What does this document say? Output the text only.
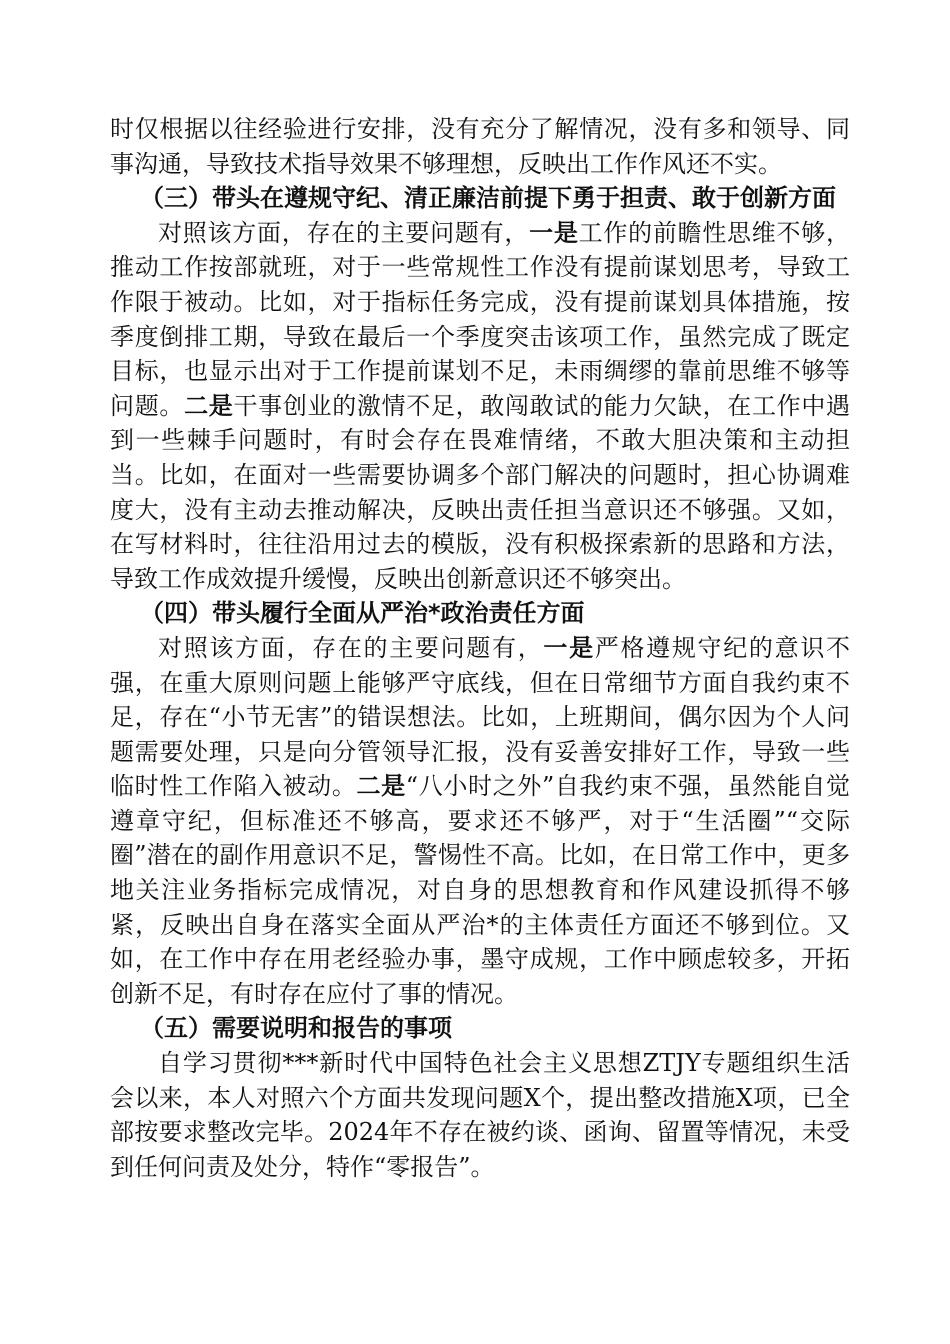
时仅根据以往经验进行安排，没有充分了解情况，没有多和领导、同事沟通，导致技术指导效果不够理想，反映出工作作风还不实。

（三）带头在遵规守纪、清正廉洁前提下勇于担责、敢于创新方面

对照该方面，存在的主要问题有，一是工作的前瞻性思维不够，推动工作按部就班，对于一些常规性工作没有提前谋划思考，导致工作限于被动。比如，对于指标任务完成，没有提前谋划具体措施，按季度倒排工期，导致在最后一个季度突击该项工作，虽然完成了既定目标，也显示出对于工作提前谋划不足，未雨绸缪的靠前思维不够等问题。二是干事创业的激情不足，敢闯敢试的能力欠缺，在工作中遇到一些棘手问题时，有时会存在畏难情绪，不敢大胆决策和主动担当。比如，在面对一些需要协调多个部门解决的问题时，担心协调难度大，没有主动去推动解决，反映出责任担当意识还不够强。又如，在写材料时，往往沿用过去的模版，没有积极探索新的思路和方法，导致工作成效提升缓慢，反映出创新意识还不够突出。

（四）带头履行全面从严治*政治责任方面

对照该方面，存在的主要问题有，一是严格遵规守纪的意识不强，在重大原则问题上能够严守底线，但在日常细节方面自我约束不足，存在“小节无害”的错误想法。比如，上班期间，偶尔因为个人问题需要处理，只是向分管领导汇报，没有妥善安排好工作，导致一些临时性工作陷入被动。二是“八小时之外”自我约束不强，虽然能自觉遵章守纪，但标准还不够高，要求还不够严，对于“生活圈”“交际圈”潜在的副作用意识不足，警惕性不高。比如，在日常工作中，更多地关注业务指标完成情况，对自身的思想教育和作风建设抓得不够紧，反映出自身在落实全面从严治*的主体责任方面还不够到位。又如，在工作中存在用老经验办事，墨守成规，工作中顾虑较多，开拓创新不足，有时存在应付了事的情况。

（五）需要说明和报告的事项

自学习贯彻***新时代中国特色社会主义思想ZTJY专题组织生活会以来，本人对照六个方面共发现问题X个，提出整改措施X项，已全部按要求整改完毕。2024年不存在被约谈、函询、留置等情况，未受到任何问责及处分，特作“零报告”。
